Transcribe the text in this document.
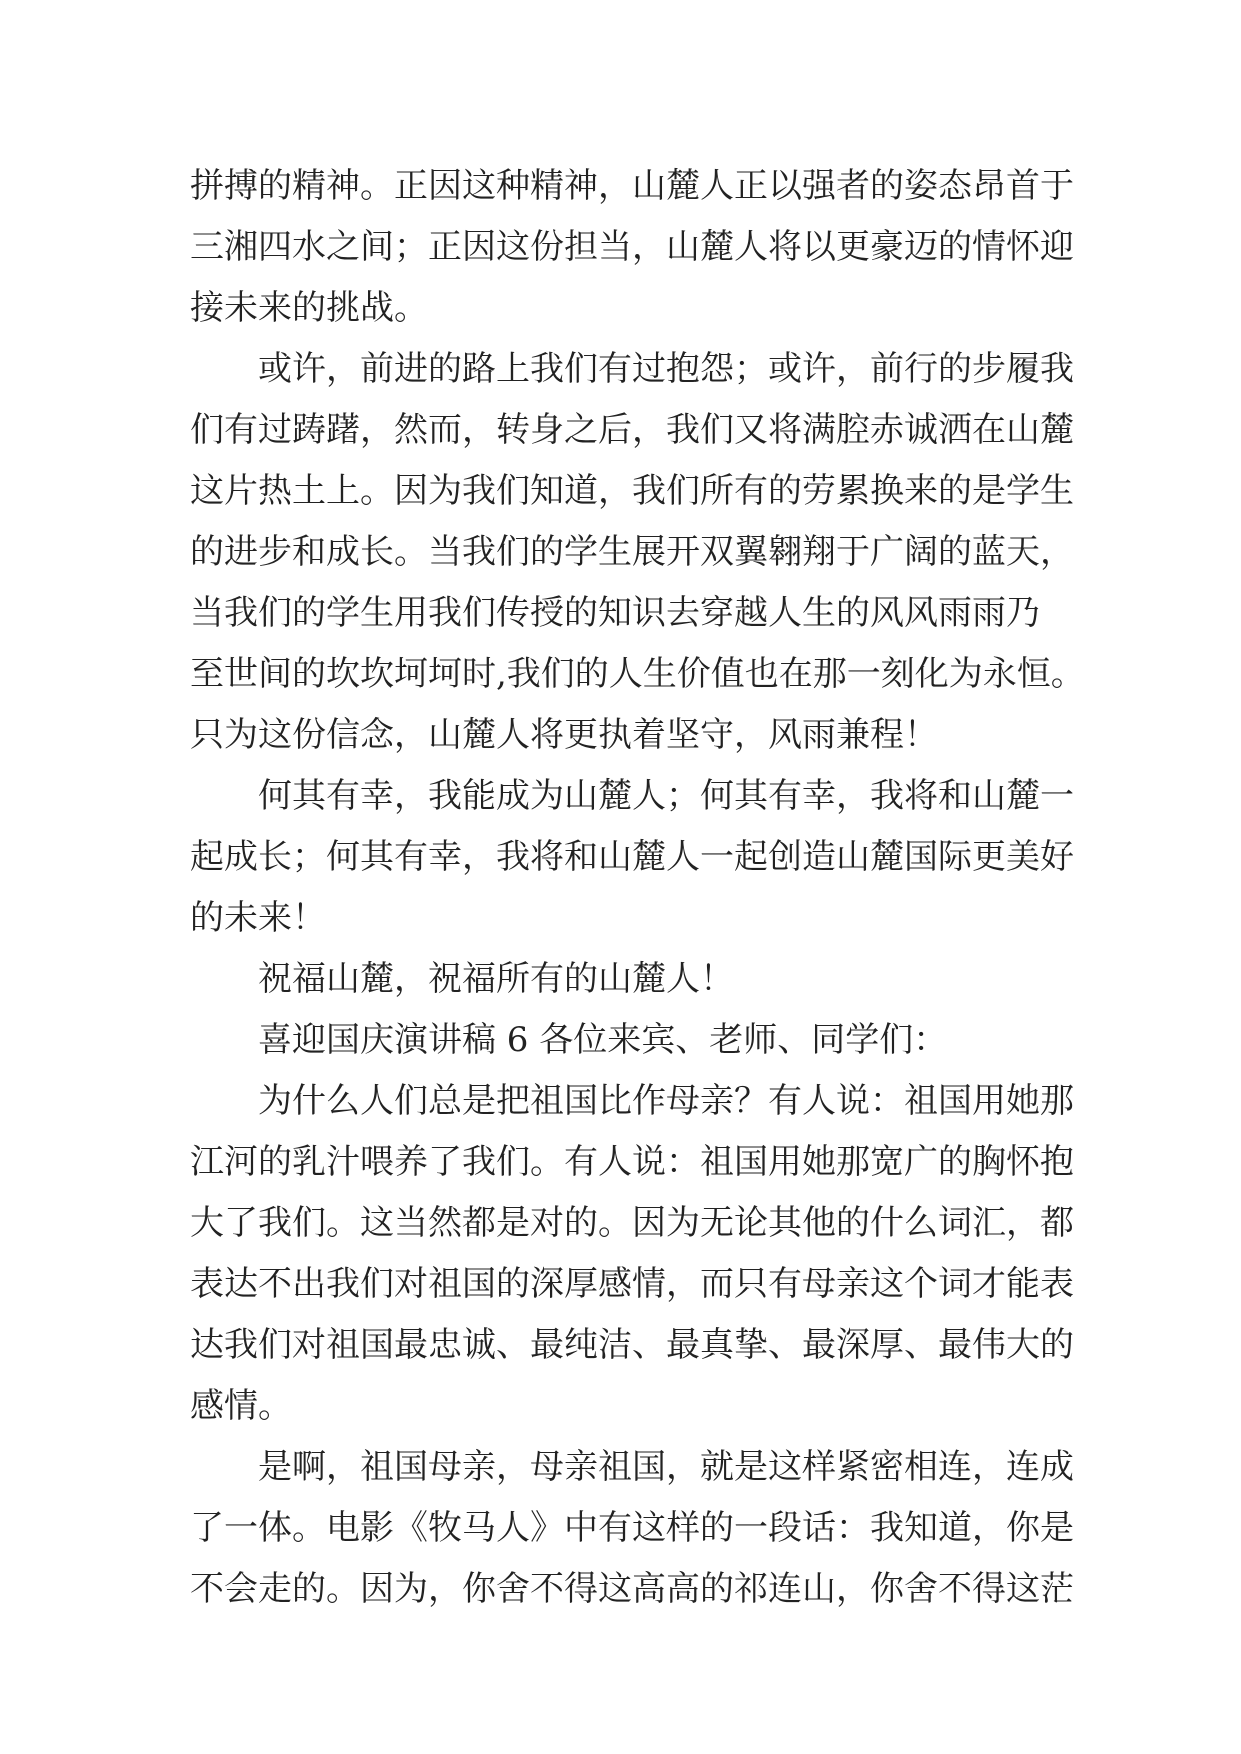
拼搏的精神。正因这种精神，山麓人正以强者的姿态昂首于
三湘四水之间；正因这份担当，山麓人将以更豪迈的情怀迎
接未来的挑战。
或许，前进的路上我们有过抱怨；或许，前行的步履我
们有过踌躇，然而，转身之后，我们又将满腔赤诚洒在山麓
这片热土上。因为我们知道，我们所有的劳累换来的是学生
的进步和成长。当我们的学生展开双翼翱翔于广阔的蓝天，
当我们的学生用我们传授的知识去穿越人生的风风雨雨乃
至世间的坎坎坷坷时,我们的人生价值也在那一刻化为永恒。
只为这份信念，山麓人将更执着坚守，风雨兼程！
何其有幸，我能成为山麓人；何其有幸，我将和山麓一
起成长；何其有幸，我将和山麓人一起创造山麓国际更美好
的未来！
祝福山麓，祝福所有的山麓人！
喜迎国庆演讲稿 6 各位来宾、老师、同学们：
为什么人们总是把祖国比作母亲？有人说：祖国用她那
江河的乳汁喂养了我们。有人说：祖国用她那宽广的胸怀抱
大了我们。这当然都是对的。因为无论其他的什么词汇，都
表达不出我们对祖国的深厚感情，而只有母亲这个词才能表
达我们对祖国最忠诚、最纯洁、最真挚、最深厚、最伟大的
感情。
是啊，祖国母亲，母亲祖国，就是这样紧密相连，连成
了一体。电影《牧马人》中有这样的一段话：我知道，你是
不会走的。因为，你舍不得这高高的祁连山，你舍不得这茫
